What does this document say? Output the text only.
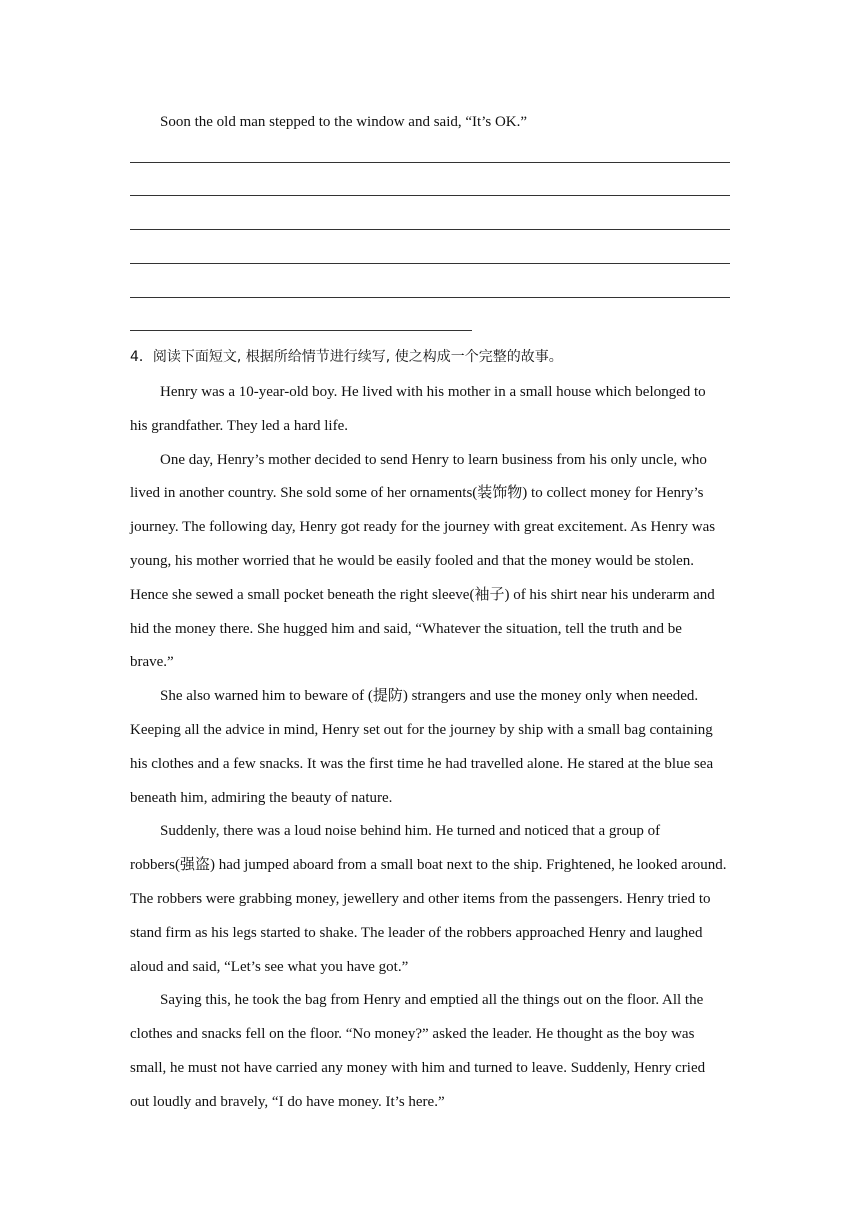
Soon the old man stepped to the window and said, “It’s OK.”
4．阅读下面短文, 根据所给情节进行续写, 使之构成一个完整的故事。
Henry was a 10-year-old boy. He lived with his mother in a small house which belonged to
his grandfather. They led a hard life.
One day, Henry’s mother decided to send Henry to learn business from his only uncle, who
lived in another country. She sold some of her ornaments(装饰物) to collect money for Henry’s
journey. The following day, Henry got ready for the journey with great excitement. As Henry was
young, his mother worried that he would be easily fooled and that the money would be stolen.
Hence she sewed a small pocket beneath the right sleeve(袖子) of his shirt near his underarm and
hid the money there. She hugged him and said, “Whatever the situation, tell the truth and be
brave.”
She also warned him to beware of (提防) strangers and use the money only when needed.
Keeping all the advice in mind, Henry set out for the journey by ship with a small bag containing
his clothes and a few snacks. It was the first time he had travelled alone. He stared at the blue sea
beneath him, admiring the beauty of nature.
Suddenly, there was a loud noise behind him. He turned and noticed that a group of
robbers(强盗) had jumped aboard from a small boat next to the ship. Frightened, he looked around.
The robbers were grabbing money, jewellery and other items from the passengers. Henry tried to
stand firm as his legs started to shake. The leader of the robbers approached Henry and laughed
aloud and said, “Let’s see what you have got.”
Saying this, he took the bag from Henry and emptied all the things out on the floor. All the
clothes and snacks fell on the floor. “No money?” asked the leader. He thought as the boy was
small, he must not have carried any money with him and turned to leave. Suddenly, Henry cried
out loudly and bravely, “I do have money. It’s here.”
